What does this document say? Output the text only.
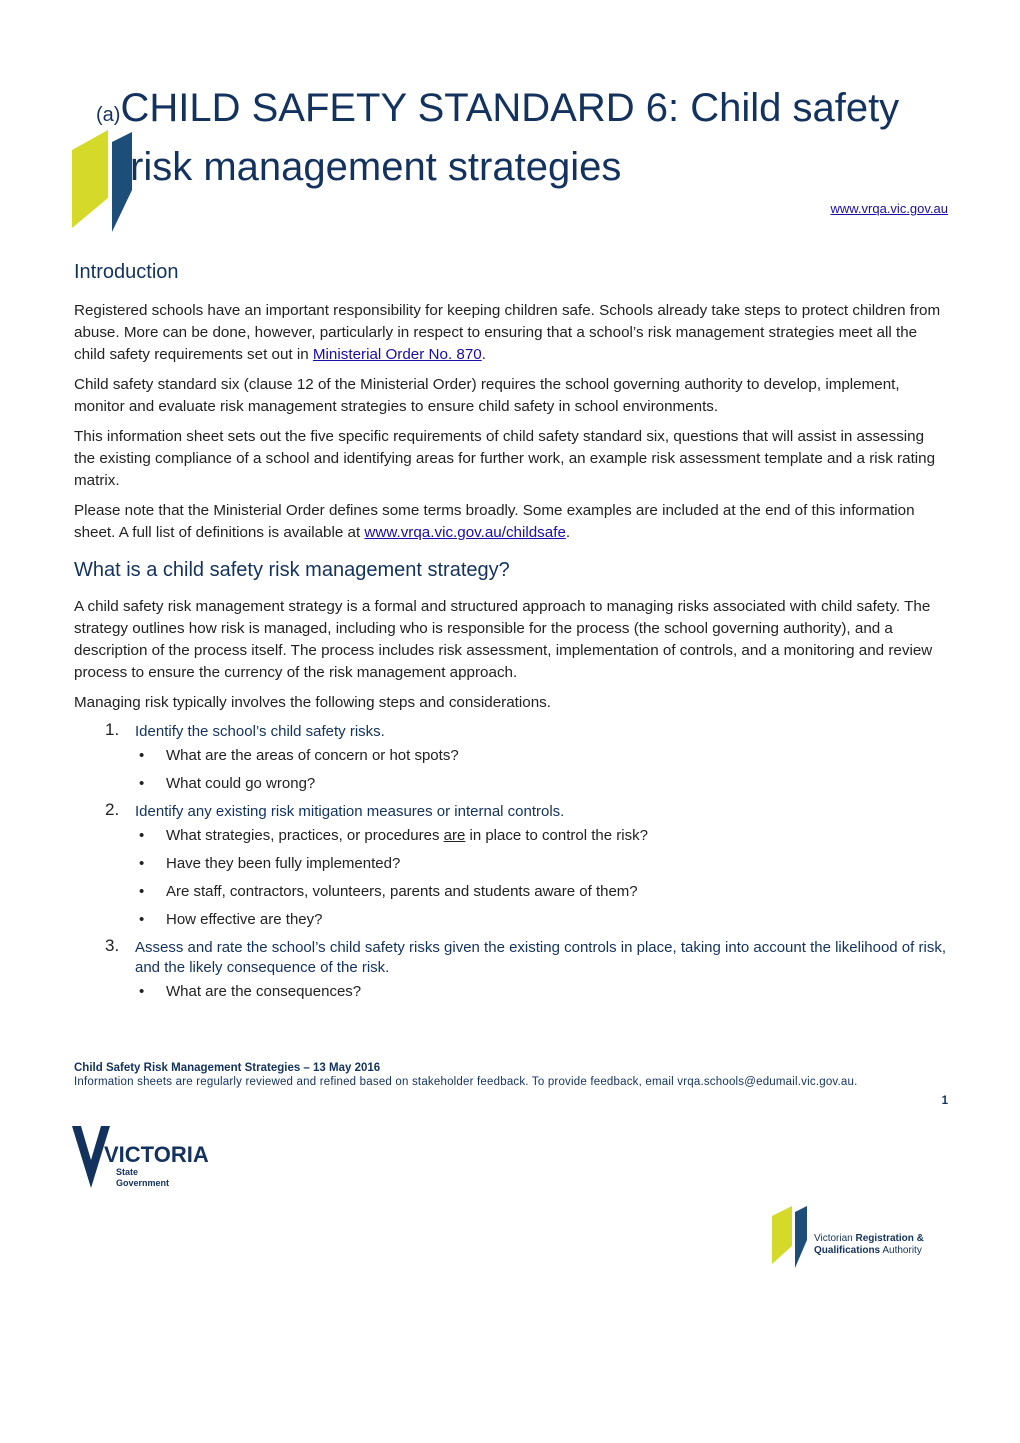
(a)CHILD SAFETY STANDARD 6: Child safety
risk management strategies
www.vrqa.vic.gov.au
Introduction

Registered schools have an important responsibility for keeping children safe. Schools already take steps to protect children from abuse. More can be done, however, particularly in respect to ensuring that a school’s risk management strategies meet all the child safety requirements set out in Ministerial Order No. 870.

Child safety standard six (clause 12 of the Ministerial Order) requires the school governing authority to develop, implement, monitor and evaluate risk management strategies to ensure child safety in school environments.

This information sheet sets out the five specific requirements of child safety standard six, questions that will assist in assessing the existing compliance of a school and identifying areas for further work, an example risk assessment template and a risk rating matrix.

Please note that the Ministerial Order defines some terms broadly. Some examples are included at the end of this information sheet. A full list of definitions is available at www.vrqa.vic.gov.au/childsafe.

What is a child safety risk management strategy?

A child safety risk management strategy is a formal and structured approach to managing risks associated with child safety. The strategy outlines how risk is managed, including who is responsible for the process (the school governing authority), and a description of the process itself. The process includes risk assessment, implementation of controls, and a monitoring and review process to ensure the currency of the risk management approach.

Managing risk typically involves the following steps and considerations.

1. Identify the school’s child safety risks.
• What are the areas of concern or hot spots?
• What could go wrong?
2. Identify any existing risk mitigation measures or internal controls.
• What strategies, practices, or procedures are in place to control the risk?
• Have they been fully implemented?
• Are staff, contractors, volunteers, parents and students aware of them?
• How effective are they?
3. Assess and rate the school’s child safety risks given the existing controls in place, taking into account the likelihood of risk, and the likely consequence of the risk.
• What are the consequences?
Child Safety Risk Management Strategies – 13 May 2016
Information sheets are regularly reviewed and refined based on stakeholder feedback. To provide feedback, email vrqa.schools@edumail.vic.gov.au.
1
VICTORIA
State
Government
Victorian Registration &
Qualifications Authority
